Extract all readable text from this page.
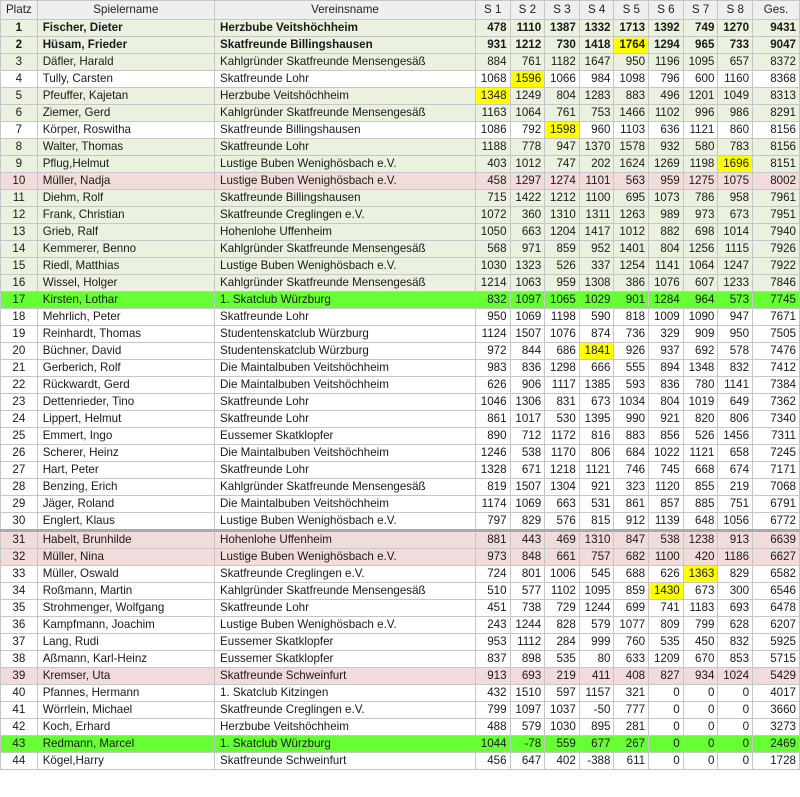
Platz	Spielername	Vereinsname	S 1	S 2	S 3	S 4	S 5	S 6	S 7	S 8	Ges.
1	Fischer, Dieter	Herzbube Veitshöchheim	478	1110	1387	1332	1713	1392	749	1270	9431
2	Hüsam, Frieder	Skatfreunde Billingshausen	931	1212	730	1418	1764	1294	965	733	9047
3	Däfler, Harald	Kahlgründer Skatfreunde Mensengesäß	884	761	1182	1647	950	1196	1095	657	8372
4	Tully, Carsten	Skatfreunde Lohr	1068	1596	1066	984	1098	796	600	1160	8368
5	Pfeuffer, Kajetan	Herzbube Veitshöchheim	1348	1249	804	1283	883	496	1201	1049	8313
6	Ziemer, Gerd	Kahlgründer Skatfreunde Mensengesäß	1163	1064	761	753	1466	1102	996	986	8291
7	Körper, Roswitha	Skatfreunde Billingshausen	1086	792	1598	960	1103	636	1121	860	8156
8	Walter, Thomas	Skatfreunde Lohr	1188	778	947	1370	1578	932	580	783	8156
9	Pflug,Helmut	Lustige Buben Wenighösbach e.V.	403	1012	747	202	1624	1269	1198	1696	8151
10	Müller, Nadja	Lustige Buben Wenighösbach e.V.	458	1297	1274	1101	563	959	1275	1075	8002
11	Diehm, Rolf	Skatfreunde Billingshausen	715	1422	1212	1100	695	1073	786	958	7961
12	Frank, Christian	Skatfreunde Creglingen e.V.	1072	360	1310	1311	1263	989	973	673	7951
13	Grieb, Ralf	Hohenlohe Uffenheim	1050	663	1204	1417	1012	882	698	1014	7940
14	Kemmerer, Benno	Kahlgründer Skatfreunde Mensengesäß	568	971	859	952	1401	804	1256	1115	7926
15	Riedl, Matthias	Lustige Buben Wenighösbach e.V.	1030	1323	526	337	1254	1141	1064	1247	7922
16	Wissel, Holger	Kahlgründer Skatfreunde Mensengesäß	1214	1063	959	1308	386	1076	607	1233	7846
17	Kirsten, Lothar	1. Skatclub Würzburg	832	1097	1065	1029	901	1284	964	573	7745
18	Mehrlich, Peter	Skatfreunde Lohr	950	1069	1198	590	818	1009	1090	947	7671
19	Reinhardt, Thomas	Studentenskatclub Würzburg	1124	1507	1076	874	736	329	909	950	7505
20	Büchner, David	Studentenskatclub Würzburg	972	844	686	1841	926	937	692	578	7476
21	Gerberich, Rolf	Die Maintalbuben Veitshöchheim	983	836	1298	666	555	894	1348	832	7412
22	Rückwardt, Gerd	Die Maintalbuben Veitshöchheim	626	906	1117	1385	593	836	780	1141	7384
23	Dettenrieder, Tino	Skatfreunde Lohr	1046	1306	831	673	1034	804	1019	649	7362
24	Lippert, Helmut	Skatfreunde Lohr	861	1017	530	1395	990	921	820	806	7340
25	Emmert, Ingo	Eussemer Skatklopfer	890	712	1172	816	883	856	526	1456	7311
26	Scherer, Heinz	Die Maintalbuben Veitshöchheim	1246	538	1170	806	684	1022	1121	658	7245
27	Hart, Peter	Skatfreunde Lohr	1328	671	1218	1121	746	745	668	674	7171
28	Benzing, Erich	Kahlgründer Skatfreunde Mensengesäß	819	1507	1304	921	323	1120	855	219	7068
29	Jäger, Roland	Die Maintalbuben Veitshöchheim	1174	1069	663	531	861	857	885	751	6791
30	Englert, Klaus	Lustige Buben Wenighösbach e.V.	797	829	576	815	912	1139	648	1056	6772
31	Habelt, Brunhilde	Hohenlohe Uffenheim	881	443	469	1310	847	538	1238	913	6639
32	Müller, Nina	Lustige Buben Wenighösbach e.V.	973	848	661	757	682	1100	420	1186	6627
33	Müller, Oswald	Skatfreunde Creglingen e.V.	724	801	1006	545	688	626	1363	829	6582
34	Roßmann, Martin	Kahlgründer Skatfreunde Mensengesäß	510	577	1102	1095	859	1430	673	300	6546
35	Strohmenger, Wolfgang	Skatfreunde Lohr	451	738	729	1244	699	741	1183	693	6478
36	Kampfmann, Joachim	Lustige Buben Wenighösbach e.V.	243	1244	828	579	1077	809	799	628	6207
37	Lang, Rudi	Eussemer Skatklopfer	953	1112	284	999	760	535	450	832	5925
38	Aßmann, Karl-Heinz	Eussemer Skatklopfer	837	898	535	80	633	1209	670	853	5715
39	Kremser, Uta	Skatfreunde Schweinfurt	913	693	219	411	408	827	934	1024	5429
40	Pfannes, Hermann	1. Skatclub Kitzingen	432	1510	597	1157	321	0	0	0	4017
41	Wörrlein, Michael	Skatfreunde Creglingen e.V.	799	1097	1037	-50	777	0	0	0	3660
42	Koch, Erhard	Herzbube Veitshöchheim	488	579	1030	895	281	0	0	0	3273
43	Redmann, Marcel	1. Skatclub Würzburg	1044	-78	559	677	267	0	0	0	2469
44	Kögel,Harry	Skatfreunde Schweinfurt	456	647	402	-388	611	0	0	0	1728
